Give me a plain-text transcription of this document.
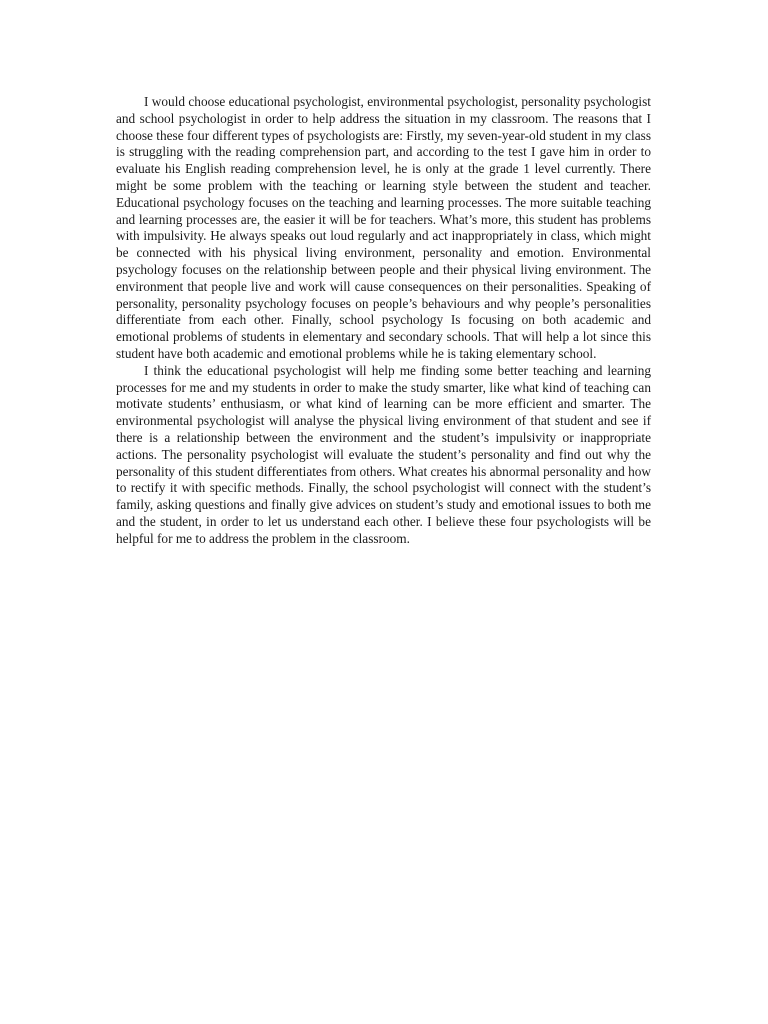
I would choose educational psychologist, environmental psychologist, personality psychologist and school psychologist in order to help address the situation in my classroom. The reasons that I choose these four different types of psychologists are: Firstly, my seven-year-old student in my class is struggling with the reading comprehension part, and according to the test I gave him in order to evaluate his English reading comprehension level, he is only at the grade 1 level currently. There might be some problem with the teaching or learning style between the student and teacher. Educational psychology focuses on the teaching and learning processes. The more suitable teaching and learning processes are, the easier it will be for teachers. What’s more, this student has problems with impulsivity. He always speaks out loud regularly and act inappropriately in class, which might be connected with his physical living environment, personality and emotion. Environmental psychology focuses on the relationship between people and their physical living environment. The environment that people live and work will cause consequences on their personalities. Speaking of personality, personality psychology focuses on people’s behaviours and why people’s personalities differentiate from each other. Finally, school psychology Is focusing on both academic and emotional problems of students in elementary and secondary schools. That will help a lot since this student have both academic and emotional problems while he is taking elementary school.

I think the educational psychologist will help me finding some better teaching and learning processes for me and my students in order to make the study smarter, like what kind of teaching can motivate students’ enthusiasm, or what kind of learning can be more efficient and smarter. The environmental psychologist will analyse the physical living environment of that student and see if there is a relationship between the environment and the student’s impulsivity or inappropriate actions. The personality psychologist will evaluate the student’s personality and find out why the personality of this student differentiates from others. What creates his abnormal personality and how to rectify it with specific methods. Finally, the school psychologist will connect with the student’s family, asking questions and finally give advices on student’s study and emotional issues to both me and the student, in order to let us understand each other. I believe these four psychologists will be helpful for me to address the problem in the classroom.
